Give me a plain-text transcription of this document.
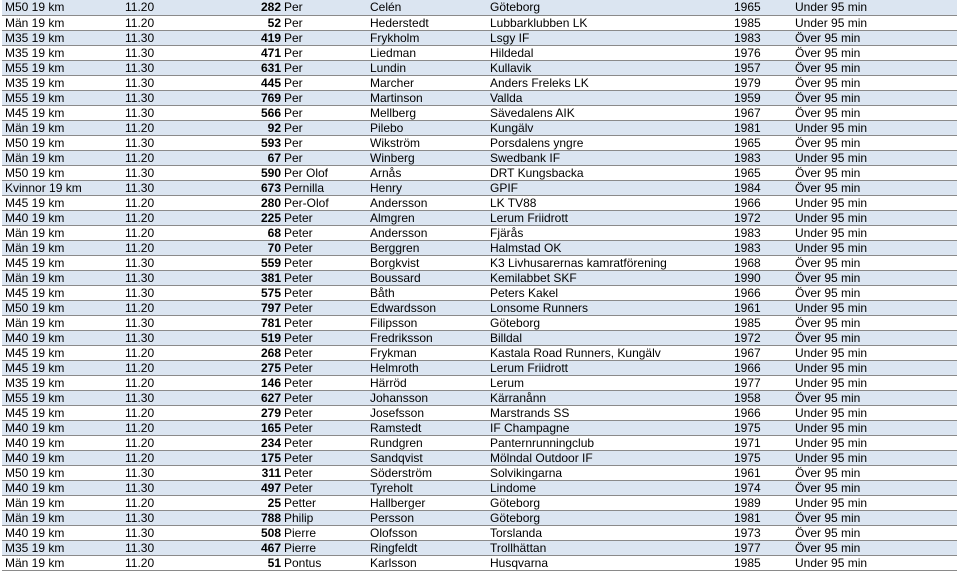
M50 19 km	11.20	282	Per	Celén	Göteborg	1965	Under 95 min
Män 19 km	11.20	52	Per	Hederstedt	Lubbarklubben LK	1985	Under 95 min
M35 19 km	11.30	419	Per	Frykholm	Lsgy IF	1983	Över 95 min
M35 19 km	11.30	471	Per	Liedman	Hildedal	1976	Över 95 min
M55 19 km	11.30	631	Per	Lundin	Kullavik	1957	Över 95 min
M35 19 km	11.30	445	Per	Marcher	Anders Freleks LK	1979	Över 95 min
M55 19 km	11.30	769	Per	Martinson	Vallda	1959	Över 95 min
M45 19 km	11.30	566	Per	Mellberg	Sävedalens AIK	1967	Över 95 min
Män 19 km	11.20	92	Per	Pilebo	Kungälv	1981	Under 95 min
M50 19 km	11.30	593	Per	Wikström	Porsdalens yngre	1965	Över 95 min
Män 19 km	11.20	67	Per	Winberg	Swedbank IF	1983	Under 95 min
M50 19 km	11.30	590	Per Olof	Arnås	DRT Kungsbacka	1965	Över 95 min
Kvinnor 19 km	11.30	673	Pernilla	Henry	GPIF	1984	Över 95 min
M45 19 km	11.20	280	Per-Olof	Andersson	LK TV88	1966	Under 95 min
M40 19 km	11.20	225	Peter	Almgren	Lerum Friidrott	1972	Under 95 min
Män 19 km	11.20	68	Peter	Andersson	Fjärås	1983	Under 95 min
Män 19 km	11.20	70	Peter	Berggren	Halmstad OK	1983	Under 95 min
M45 19 km	11.30	559	Peter	Borgkvist	K3 Livhusarernas kamratförening	1968	Över 95 min
Män 19 km	11.30	381	Peter	Boussard	Kemilabbet SKF	1990	Över 95 min
M45 19 km	11.30	575	Peter	Båth	Peters Kakel	1966	Över 95 min
M50 19 km	11.20	797	Peter	Edwardsson	Lonsome Runners	1961	Under 95 min
Män 19 km	11.30	781	Peter	Filipsson	Göteborg	1985	Över 95 min
M40 19 km	11.30	519	Peter	Fredriksson	Billdal	1972	Över 95 min
M45 19 km	11.20	268	Peter	Frykman	Kastala Road Runners, Kungälv	1967	Under 95 min
M45 19 km	11.20	275	Peter	Helmroth	Lerum Friidrott	1966	Under 95 min
M35 19 km	11.20	146	Peter	Härröd	Lerum	1977	Under 95 min
M55 19 km	11.30	627	Peter	Johansson	Kärranånn	1958	Över 95 min
M45 19 km	11.20	279	Peter	Josefsson	Marstrands SS	1966	Under 95 min
M40 19 km	11.20	165	Peter	Ramstedt	IF Champagne	1975	Under 95 min
M40 19 km	11.20	234	Peter	Rundgren	Panternrunningclub	1971	Under 95 min
M40 19 km	11.20	175	Peter	Sandqvist	Mölndal Outdoor IF	1975	Under 95 min
M50 19 km	11.30	311	Peter	Söderström	Solvikingarna	1961	Över 95 min
M40 19 km	11.30	497	Peter	Tyreholt	Lindome	1974	Över 95 min
Män 19 km	11.20	25	Petter	Hallberger	Göteborg	1989	Under 95 min
Män 19 km	11.30	788	Philip	Persson	Göteborg	1981	Över 95 min
M40 19 km	11.30	508	Pierre	Olofsson	Torslanda	1973	Över 95 min
M35 19 km	11.30	467	Pierre	Ringfeldt	Trollhättan	1977	Över 95 min
Män 19 km	11.20	51	Pontus	Karlsson	Husqvarna	1985	Under 95 min
